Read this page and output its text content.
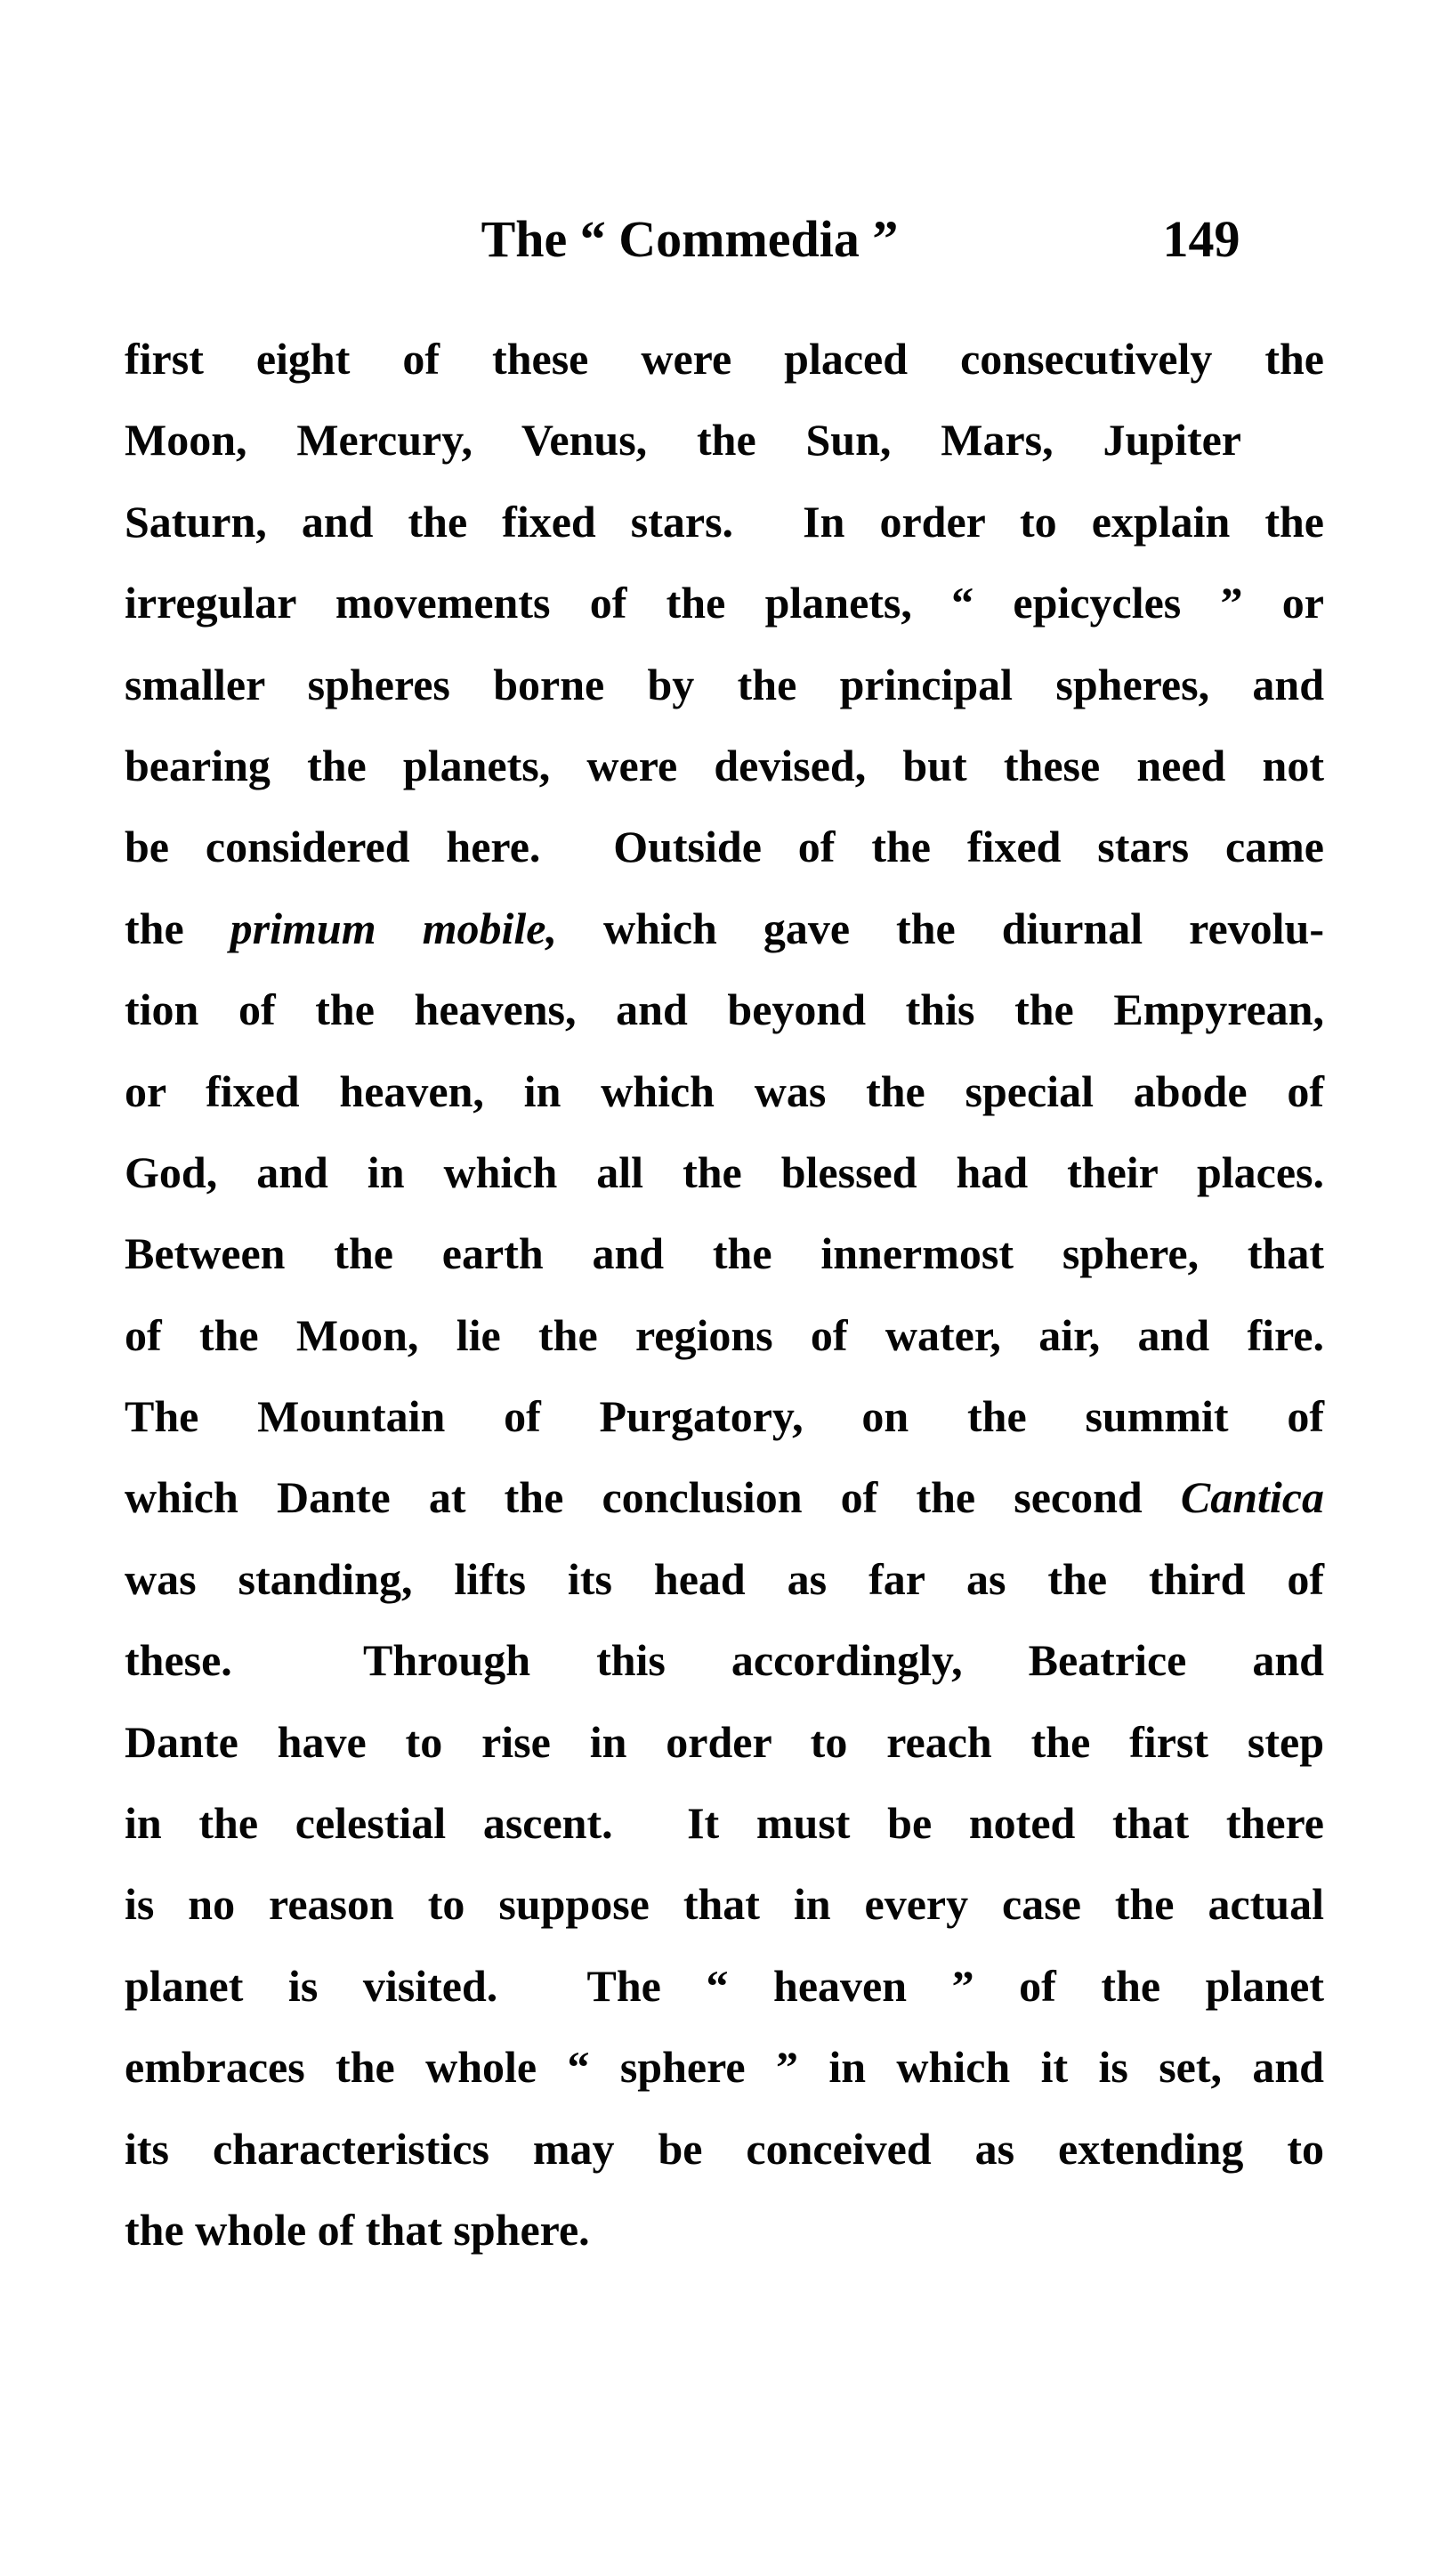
The “ Commedia ”	149
first eight of these were placed consecutively the
Moon, Mercury, Venus, the Sun, Mars, Jupiter
Saturn, and the fixed stars.  In order to explain the
irregular movements of the planets, “ epicycles ” or
smaller spheres borne by the principal spheres, and
bearing the planets, were devised, but these need not
be considered here.  Outside of the fixed stars came
the primum mobile, which gave the diurnal revolu-
tion of the heavens, and beyond this the Empyrean,
or fixed heaven, in which was the special abode of
God, and in which all the blessed had their places.
Between the earth and the innermost sphere, that
of the Moon, lie the regions of water, air, and fire.
The Mountain of Purgatory, on the summit of
which Dante at the conclusion of the second Cantica
was standing, lifts its head as far as the third of
these.  Through this accordingly, Beatrice and
Dante have to rise in order to reach the first step
in the celestial ascent.  It must be noted that there
is no reason to suppose that in every case the actual
planet is visited.  The “ heaven ” of the planet
embraces the whole “ sphere ” in which it is set, and
its characteristics may be conceived as extending to
the whole of that sphere.
